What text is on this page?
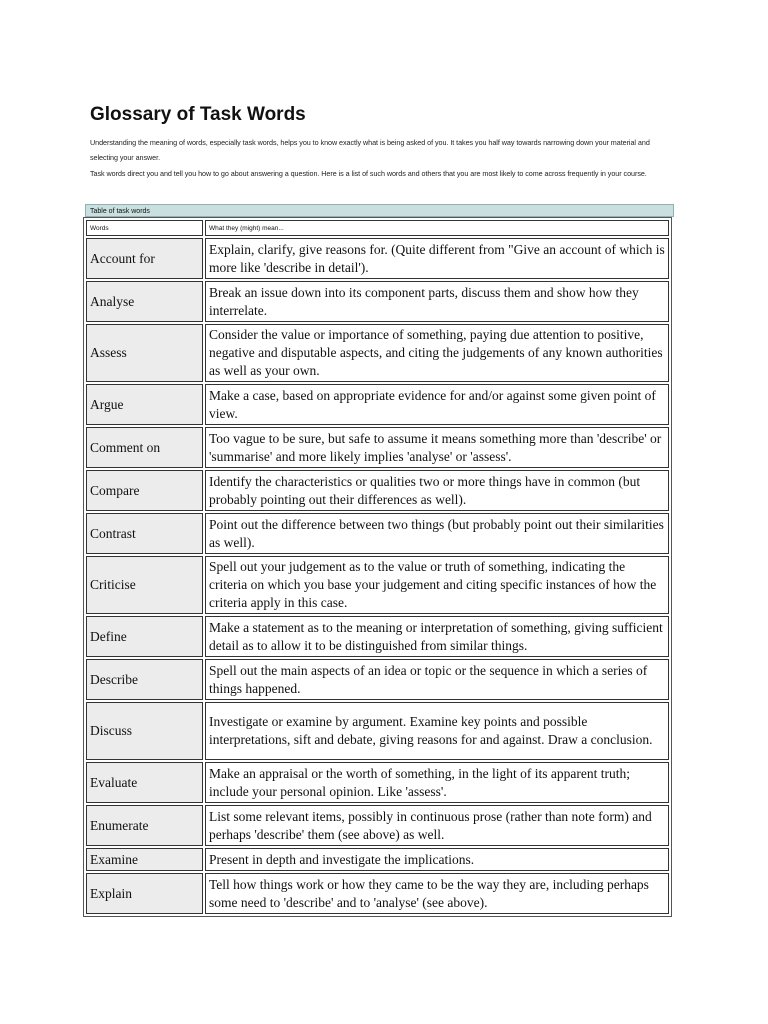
Glossary of Task Words

Understanding the meaning of words, especially task words, helps you to know exactly what is being asked of you. It takes you half way towards narrowing down your material and selecting your answer.

Task words direct you and tell you how to go about answering a question. Here is a list of such words and others that you are most likely to come across frequently in your course.

Table of task words
Words	What they (might) mean...
Account for	Explain, clarify, give reasons for. (Quite different from "Give an account of which is more like 'describe in detail').
Analyse	Break an issue down into its component parts, discuss them and show how they interrelate.
Assess	Consider the value or importance of something, paying due attention to positive, negative and disputable aspects, and citing the judgements of any known authorities as well as your own.
Argue	Make a case, based on appropriate evidence for and/or against some given point of view.
Comment on	Too vague to be sure, but safe to assume it means something more than 'describe' or 'summarise' and more likely implies 'analyse' or 'assess'.
Compare	Identify the characteristics or qualities two or more things have in common (but probably pointing out their differences as well).
Contrast	Point out the difference between two things (but probably point out their similarities as well).
Criticise	Spell out your judgement as to the value or truth of something, indicating the criteria on which you base your judgement and citing specific instances of how the criteria apply in this case.
Define	Make a statement as to the meaning or interpretation of something, giving sufficient detail as to allow it to be distinguished from similar things.
Describe	Spell out the main aspects of an idea or topic or the sequence in which a series of things happened.
Discuss	Investigate or examine by argument. Examine key points and possible interpretations, sift and debate, giving reasons for and against. Draw a conclusion.
Evaluate	Make an appraisal or the worth of something, in the light of its apparent truth; include your personal opinion. Like 'assess'.
Enumerate	List some relevant items, possibly in continuous prose (rather than note form) and perhaps 'describe' them (see above) as well.
Examine	Present in depth and investigate the implications.
Explain	Tell how things work or how they came to be the way they are, including perhaps some need to 'describe' and to 'analyse' (see above).
